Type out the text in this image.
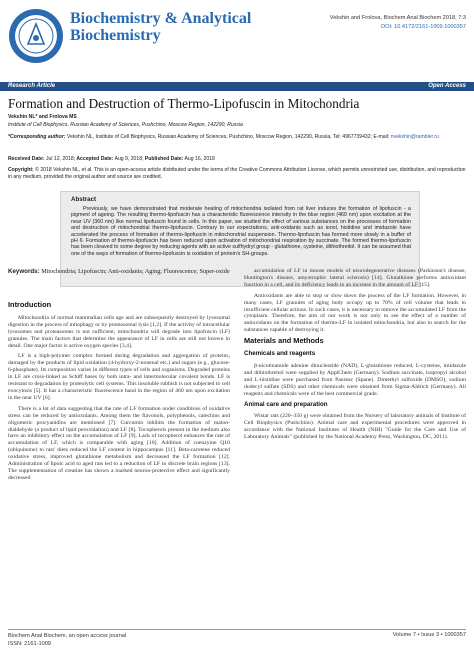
Biochemistry & Analytical
Biochemistry
Vekshin and Frolova, Biochem Anal Biochem 2018, 7:3
DOI: 10.4172/2161-1009.1000357
Research Article	Open Access
Formation and Destruction of Thermo-Lipofuscin in Mitochondria
Vekshin NL* and Frolova MS
Institute of Cell Biophysics, Russian Academy of Sciences, Pushchino, Moscow Region, 142290, Russia
*Corresponding author: Vekshin NL, Institute of Cell Biophysics, Russian Academy of Sciences, Pushchino, Moscow Region, 142290, Russia, Tel: 4967739432; E-mail: nvekshin@rambler.ru
Received Date: Jul 12, 2018; Accepted Date: Aug 9, 2018; Published Date: Aug 16, 2018
Copyright: © 2018 Vekshin NL, et al. This is an open-access article distributed under the terms of the Creative Commons Attribution License, which permits unrestricted use, distribution, and reproduction in any medium, provided the original author and source are credited.
Abstract
Previously, we have demonstrated that moderate heating of mitochondria isolated from rat liver induces the formation of lipofuscin - a pigment of ageing. The resulting thermo-lipofuscin has a characteristic fluorescence intensity in the blue region (460 nm) upon excitation at the near UV (360 nm) like normal lipofuscin found in cells. In this paper, we studied the effect of various substances on the processes of formation and destruction of mitochondrial thermo-lipofuscin. Contrary to our expectations, anti-oxidants such as ionol, histidine and imidazole have accelerated the process of formation of thermo-lipofuscin in mitochondrial suspension. Thermo-lipofuscin has formed more slowly in a buffer of pH 6. Formation of thermo-lipofuscin has been reduced upon activation of mitochondrial respiration by succinate. The formed thermo-lipofuscin has been cleaved to some degree by reducing agents with an active sulfhydryl group - glutathione, cysteine, dithiothreitol. It can be assumed that one of the ways of formation of thermo-lipofuscin is oxidation of protein's SH-groups.
Keywords: Mitochondria; Lipofuscin; Anti-oxidants; Aging; Fluorescence; Super-oxide
Introduction

Mitochondria of normal mammalian cells age and are subsequently destroyed by lysosomal digestion in the process of mitophagy or by proteosomal lysis [1,2]. If the activity of intracellular lysosomes and proteasomes is not sufficient, mitochondria will degrade into lipofuscin (LF) granules. The main factors that determine the appearance of LF in cells are still not known in detail. One major factor is active oxygen species [3,4].

LF is a high-polymer complex formed during degradation and aggregation of proteins, damaged by the products of lipid oxidation (4-hydroxy-2-nonenal etc.) and sugars (e.g., glucose-6-phosphate). Its composition varies in different types of cells and organisms. Degraded proteins in LF are cross-linked as Schiff bases by both intra- and intermolecular covalent bonds. LF is resistant to degradation by proteolytic cell systems. This insoluble rubbish is not subjected to cell exocytosis [5]. It has a characteristic fluorescence band in the region of 460 nm upon excitation in the near UV [6].

There is a lot of data suggesting that the rate of LF formation under conditions of oxidative stress can be reduced by antioxidants. Among them the flavonols, polyphenols, catechins and oligomeric procyanidins are mentioned [7]. Curcumin inhibits the formation of malon-dialdehyde (a product of lipid peroxidation) and LF [8]. Tocopherols present in the medium also have an inhibitory effect on the accumulation of LF [9]. Lack of tocopherol enhances the rate of accumulation of LF, which is comparable with aging [10]. Addition of coenzyme Q10 (ubiquinone) to rats' diets reduced the LF content in hippocampus [11]. Beta-carotene reduced oxidative stress, improved glutathione metabolism and decreased the LF formation [12]. Administration of lipoic acid to aged rats led to a reduction of LF in discrete brain regions [13]. The supplementation of creatine has shown a marked neuron-protective effect and significantly decreased

accumulation of LF in mouse models of neurodegenerative diseases (Parkinson's disease, Huntington's disease, amyotrophic lateral sclerosis) [14]. Glutathione performs antioxidant function in a cell, and its deficiency leads to an increase in the amount of LF [15].

Antioxidants are able to stop or slow down the process of the LF formation. However, in many cases, LF granules of aging body occupy up to 70% of cell volume that leads to insufficient cellular actions. In such cases, it is necessary to remove the accumulated LF from the cytoplasm. Therefore, the aim of our work is not only to see the effect of a number of antioxidants on the formation of thermo-LF in isolated mitochondria, but also to search for the substances capable of destroying it.

Materials and Methods
Chemicals and reagents

β-nicotinamide adenine dinucleotide (NAD), L-glutathione reduced, L-cysteine, imidazole and dithiothreitol were supplied by ApplChem (Germany). Sodium succinate, isopropyl alcohol and L-histidine were purchased from Panreac (Spane). Dimethyl sulfoxide (DMSO), sodium dodecyl sulfate (SDS) and other chemicals were obtained from Sigma-Aldrich (Germany). All reagents and chemicals were of the best commercial grade.

Animal care and preparation

Wistar rats (220–350 g) were obtained from the Nursery of laboratory animals of Institute of Cell Biophysics (Pushchino). Animal care and experimental procedures were approved in accordance with the National Institutes of Health (NIH) "Guide for the Care and Use of Laboratory Animals" (published by the National Academy Press, Washington, DC, 2011).

Biochem Anal Biochem, an open access journal
ISSN: 2161-1009
Volume 7 • Issue 3 • 1000357
